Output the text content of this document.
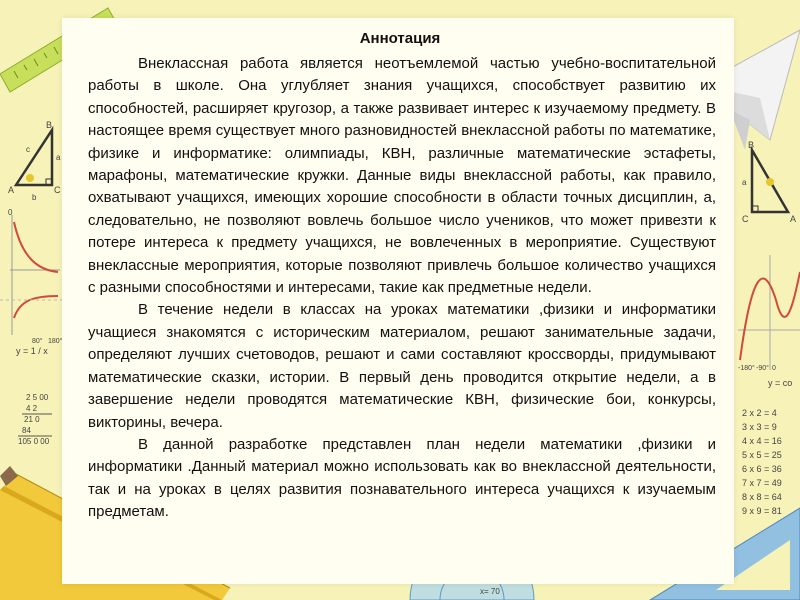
A
B
C
a
b
c
0
80° 180°
y = 1 / x
2 5 00
4 2
21 0
84
105 0 00
B
C	A
a
-180° -90° 0
y = co
2 x 2 = 4
3 x 3 = 9
4 x 4 = 16
5 x 5 = 25
6 x 6 = 36
7 x 7 = 49
8 x 8 = 64
9 x 9 = 81
x= 70
Аннотация

Внеклассная работа является неотъемлемой частью учебно-воспитательной работы в школе. Она углубляет знания учащихся, способствует развитию их способностей, расширяет кругозор, а также развивает интерес к изучаемому предмету. В настоящее время существует много разновидностей внеклассной работы по математике, физике и информатике: олимпиады, КВН, различные математические эстафеты, марафоны, математические кружки. Данные виды внеклассной работы, как правило, охватывают учащихся, имеющих хорошие способности в области точных дисциплин, а, следовательно, не позволяют вовлечь большое число учеников, что может привезти к потере интереса к предмету учащихся, не вовлеченных в мероприятие. Существуют внеклассные мероприятия, которые позволяют привлечь большое количество учащихся с разными способностями и интересами, такие как предметные недели.

В течение недели в классах на уроках математики ,физики и информатики учащиеся знакомятся с историческим материалом, решают занимательные задачи, определяют лучших счетоводов, решают и сами составляют кроссворды, придумывают математические сказки, истории. В первый день проводится открытие недели, а в завершение недели проводятся математические КВН, физические бои, конкурсы, викторины, вечера.

В данной разработке представлен план недели математики ,физики и информатики .Данный материал можно использовать как во внеклассной деятельности, так и на уроках в целях развития познавательного интереса учащихся к изучаемым предметам.
